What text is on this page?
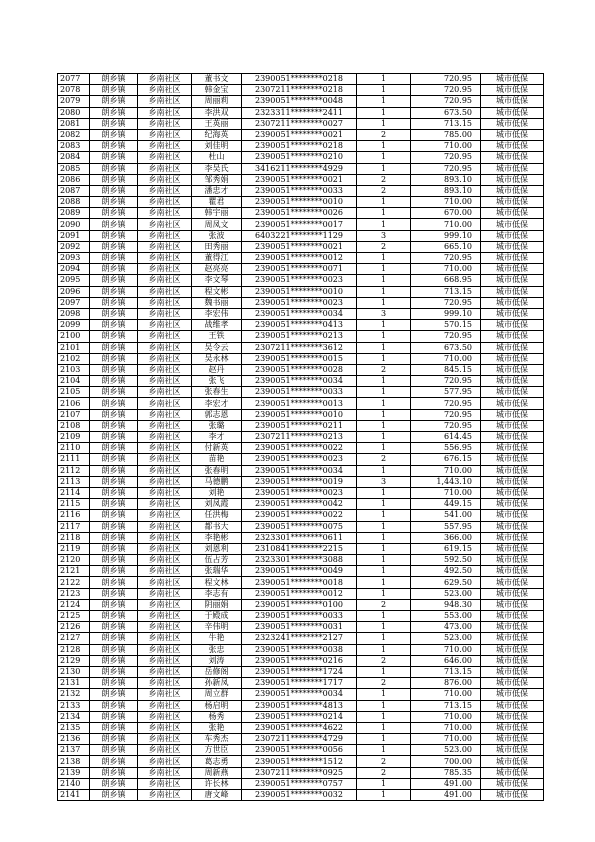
2077	朗乡镇	乡南社区	董书文	2390051********0218	1	720.95	城市低保
2078	朗乡镇	乡南社区	韩金宝	2307211********0218	1	720.95	城市低保
2079	朗乡镇	乡南社区	周丽莉	2390051********0048	1	720.95	城市低保
2080	朗乡镇	乡南社区	李洪双	2323311********2411	1	673.50	城市低保
2081	朗乡镇	乡南社区	王英丽	2307211********0027	1	713.15	城市低保
2082	朗乡镇	乡南社区	纪海英	2390051********0021	2	785.00	城市低保
2083	朗乡镇	乡南社区	刘佳明	2390051********0218	1	710.00	城市低保
2084	朗乡镇	乡南社区	杜山	2390051********0210	1	720.95	城市低保
2085	朗乡镇	乡南社区	李吴氏	3416211********4929	1	720.95	城市低保
2086	朗乡镇	乡南社区	邹秀娟	2390051********0021	2	893.10	城市低保
2087	朗乡镇	乡南社区	潘忠才	2390051********0033	2	893.10	城市低保
2088	朗乡镇	乡南社区	瞿君	2390051********0010	1	710.00	城市低保
2089	朗乡镇	乡南社区	韩宇丽	2390051********0026	1	670.00	城市低保
2090	朗乡镇	乡南社区	周凤文	2390051********0017	1	710.00	城市低保
2091	朗乡镇	乡南社区	张波	6403221********1129	3	999.10	城市低保
2092	朗乡镇	乡南社区	田秀丽	2390051********0021	2	665.10	城市低保
2093	朗乡镇	乡南社区	董得江	2390051********0012	1	720.95	城市低保
2094	朗乡镇	乡南社区	赵亮亮	2390051********0071	1	710.00	城市低保
2095	朗乡镇	乡南社区	李文琴	2390051********0023	1	668.95	城市低保
2096	朗乡镇	乡南社区	程文彬	2390051********0010	1	713.15	城市低保
2097	朗乡镇	乡南社区	魏书丽	2390051********0023	1	720.95	城市低保
2098	朗乡镇	乡南社区	李宏伟	2390051********0034	3	999.10	城市低保
2099	朗乡镇	乡南社区	战维孝	2390051********0413	1	570.15	城市低保
2100	朗乡镇	乡南社区	王铁	2390051********0213	1	720.95	城市低保
2101	朗乡镇	乡南社区	吴令云	2307211********3612	1	673.50	城市低保
2102	朗乡镇	乡南社区	吴永林	2390051********0015	1	710.00	城市低保
2103	朗乡镇	乡南社区	赵丹	2390051********0028	2	845.15	城市低保
2104	朗乡镇	乡南社区	张飞	2390051********0034	1	720.95	城市低保
2105	朗乡镇	乡南社区	张春生	2390051********0033	1	577.95	城市低保
2106	朗乡镇	乡南社区	李宏才	2390051********0013	1	720.95	城市低保
2107	朗乡镇	乡南社区	郭志恩	2390051********0010	1	720.95	城市低保
2108	朗乡镇	乡南社区	张璐	2390051********0211	1	720.95	城市低保
2109	朗乡镇	乡南社区	李才	2307211********0213	1	614.45	城市低保
2110	朗乡镇	乡南社区	付新英	2390051********0022	1	556.95	城市低保
2111	朗乡镇	乡南社区	苗艳	2390051********0023	2	676.15	城市低保
2112	朗乡镇	乡南社区	张春明	2390051********0034	1	710.00	城市低保
2113	朗乡镇	乡南社区	马德鹏	2390051********0019	3	1,443.10	城市低保
2114	朗乡镇	乡南社区	刘艳	2390051********0023	1	710.00	城市低保
2115	朗乡镇	乡南社区	刘凤霞	2390051********0042	1	449.15	城市低保
2116	朗乡镇	乡南社区	任洪梅	2390051********0022	1	541.00	城市低保
2117	朗乡镇	乡南社区	都书大	2390051********0075	1	557.95	城市低保
2118	朗乡镇	乡南社区	李艳彬	2323301********0611	1	366.00	城市低保
2119	朗乡镇	乡南社区	刘恩利	2310841********2215	1	619.15	城市低保
2120	朗乡镇	乡南社区	伍占芳	2323301********3088	1	592.50	城市低保
2121	朗乡镇	乡南社区	张瑞华	2390051********0049	1	492.50	城市低保
2122	朗乡镇	乡南社区	程文林	2390051********0018	1	629.50	城市低保
2123	朗乡镇	乡南社区	李志有	2390051********0012	1	523.00	城市低保
2124	朗乡镇	乡南社区	阴丽娟	2390051********0100	2	948.30	城市低保
2125	朗乡镇	乡南社区	于殿成	2390051********0033	1	553.00	城市低保
2126	朗乡镇	乡南社区	辛伟明	2390051********0031	1	473.00	城市低保
2127	朗乡镇	乡南社区	牛艳	2323241********2127	1	523.00	城市低保
2128	朗乡镇	乡南社区	张忠	2390051********0038	1	710.00	城市低保
2129	朗乡镇	乡南社区	刘涛	2390051********0216	2	646.00	城市低保
2130	朗乡镇	乡南社区	岳修阁	2390051********1724	1	713.15	城市低保
2131	朗乡镇	乡南社区	孙新凤	2390051********1717	2	876.00	城市低保
2132	朗乡镇	乡南社区	周立群	2390051********0034	1	710.00	城市低保
2133	朗乡镇	乡南社区	杨启明	2390051********4813	1	713.15	城市低保
2134	朗乡镇	乡南社区	杨秀	2390051********0214	1	710.00	城市低保
2135	朗乡镇	乡南社区	张艳	2390051********4622	1	710.00	城市低保
2136	朗乡镇	乡南社区	车秀杰	2307211********4729	1	710.00	城市低保
2137	朗乡镇	乡南社区	方世臣	2390051********0056	1	523.00	城市低保
2138	朗乡镇	乡南社区	葛志勇	2390051********1512	2	700.00	城市低保
2139	朗乡镇	乡南社区	周新燕	2307211********0925	2	785.35	城市低保
2140	朗乡镇	乡南社区	许长林	2390051********0757	1	491.00	城市低保
2141	朗乡镇	乡南社区	唐文峰	2390051********0032	1	491.00	城市低保
